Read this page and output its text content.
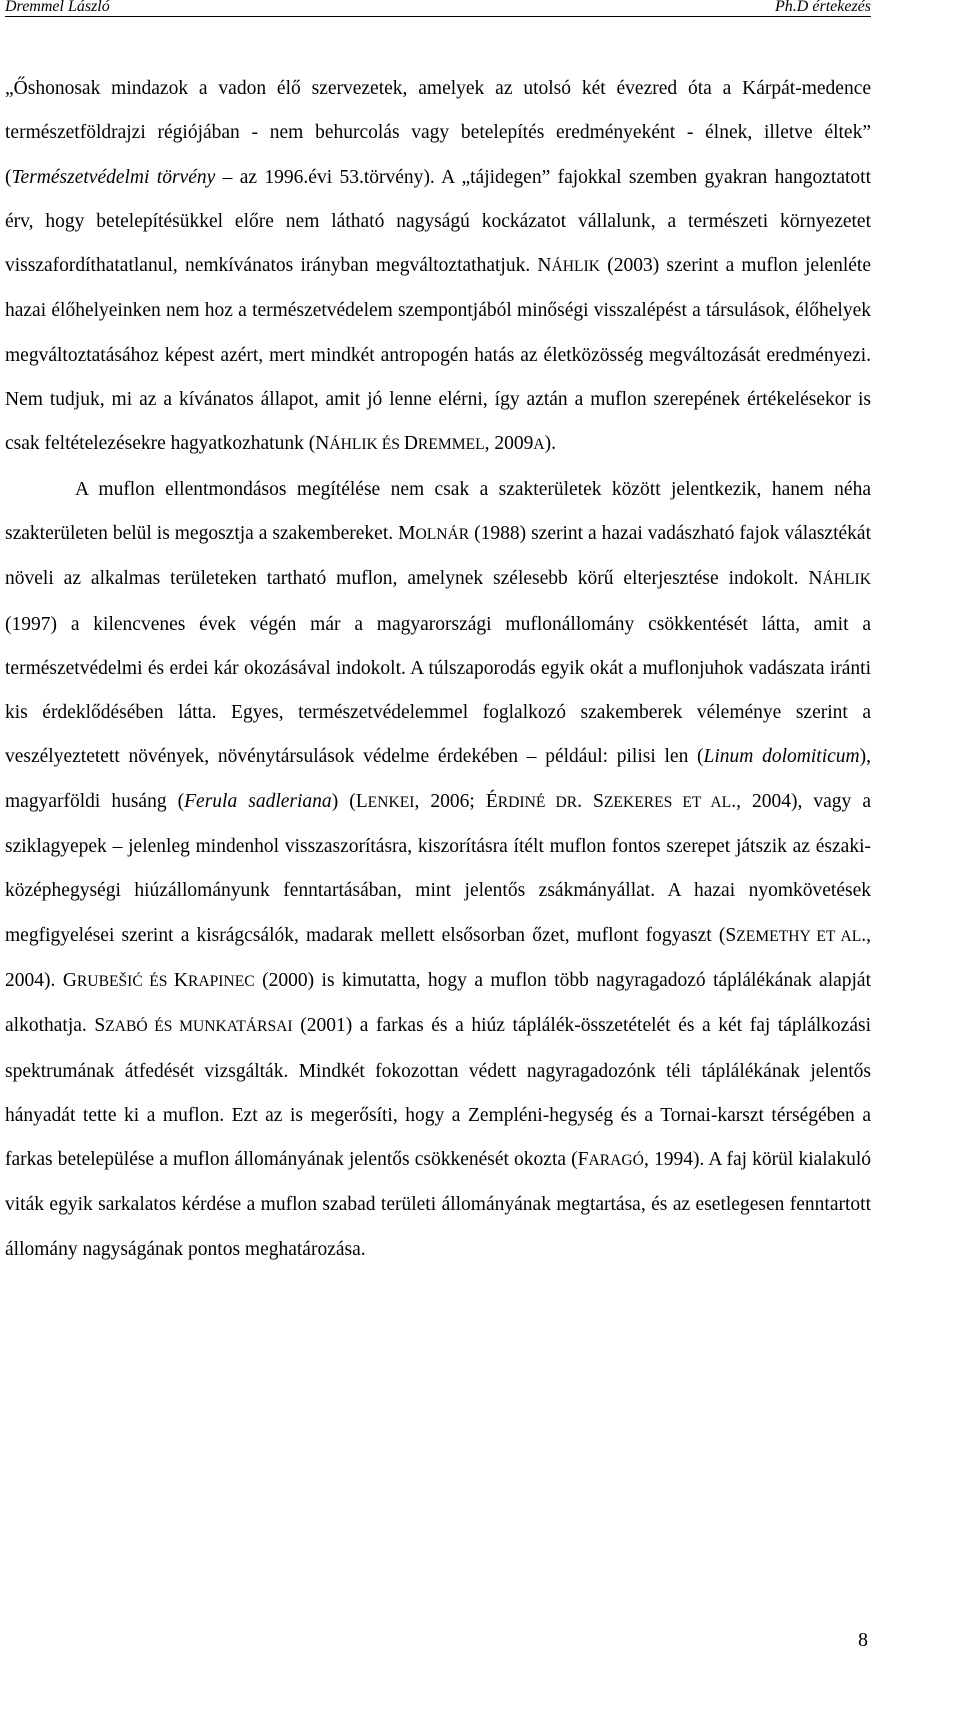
Dremmel László	Ph.D értekezés

„Őshonosak mindazok a vadon élő szervezetek, amelyek az utolsó két évezred óta a Kárpát-medence természetföldrajzi régiójában - nem behurcolás vagy betelepítés eredményeként - élnek, illetve éltek” (Természetvédelmi törvény – az 1996.évi 53.törvény). A „tájidegen” fajokkal szemben gyakran hangoztatott érv, hogy betelepítésükkel előre nem látható nagyságú kockázatot vállalunk, a természeti környezetet visszafordíthatatlanul, nemkívánatos irányban megváltoztathatjuk. NÁHLIK (2003) szerint a muflon jelenléte hazai élőhelyeinken nem hoz a természetvédelem szempontjából minőségi visszalépést a társulások, élőhelyek megváltoztatásához képest azért, mert mindkét antropogén hatás az életközösség megváltozását eredményezi. Nem tudjuk, mi az a kívánatos állapot, amit jó lenne elérni, így aztán a muflon szerepének értékelésekor is csak feltételezésekre hagyatkozhatunk (NÁHLIK ÉS DREMMEL, 2009A).

A muflon ellentmondásos megítélése nem csak a szakterületek között jelentkezik, hanem néha szakterületen belül is megosztja a szakembereket. MOLNÁR (1988) szerint a hazai vadászható fajok választékát növeli az alkalmas területeken tartható muflon, amelynek szélesebb körű elterjesztése indokolt. NÁHLIK (1997) a kilencvenes évek végén már a magyarországi muflonállomány csökkentését látta, amit a természetvédelmi és erdei kár okozásával indokolt. A túlszaporodás egyik okát a muflonjuhok vadászata iránti kis érdeklődésében látta. Egyes, természetvédelemmel foglalkozó szakemberek véleménye szerint a veszélyeztetett növények, növénytársulások védelme érdekében – például: pilisi len (Linum dolomiticum), magyarföldi husáng (Ferula sadleriana) (LENKEI, 2006; ÉRDINÉ DR. SZEKERES ET AL., 2004), vagy a sziklagyepek – jelenleg mindenhol visszaszorításra, kiszorításra ítélt muflon fontos szerepet játszik az északi-középhegységi hiúzállományunk fenntartásában, mint jelentős zsákmányállat. A hazai nyomkövetések megfigyelései szerint a kisrágcsálók, madarak mellett elsősorban őzet, muflont fogyaszt (SZEMETHY ET AL., 2004). GRUBEŠIĆ ÉS KRAPINEC (2000) is kimutatta, hogy a muflon több nagyragadozó táplálékának alapját alkothatja. SZABÓ ÉS MUNKATÁRSAI (2001) a farkas és a hiúz táplálék-összetételét és a két faj táplálkozási spektrumának átfedését vizsgálták. Mindkét fokozottan védett nagyragadozónk téli táplálékának jelentős hányadát tette ki a muflon. Ezt az is megerősíti, hogy a Zempléni-hegység és a Tornai-karszt térségében a farkas betelepülése a muflon állományának jelentős csökkenését okozta (FARAGÓ, 1994). A faj körül kialakuló viták egyik sarkalatos kérdése a muflon szabad területi állományának megtartása, és az esetlegesen fenntartott állomány nagyságának pontos meghatározása.

8
